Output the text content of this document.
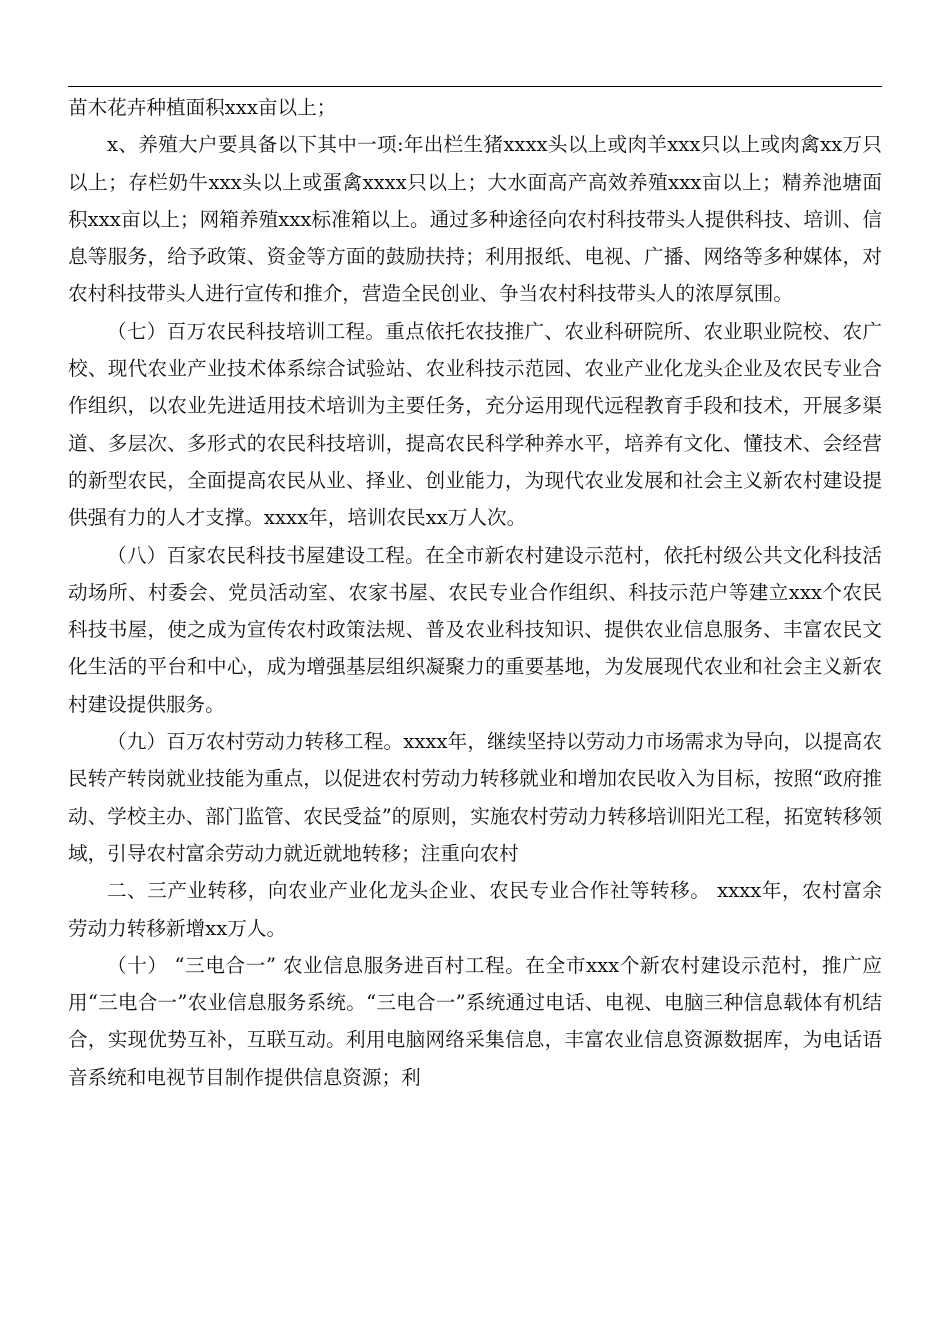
苗木花卉种植面积xxx亩以上；

x、养殖大户要具备以下其中一项:年出栏生猪xxxx头以上或肉羊xxx只以上或肉禽xx万只以上；存栏奶牛xxx头以上或蛋禽xxxx只以上；大水面高产高效养殖xxx亩以上；精养池塘面积xxx亩以上；网箱养殖xxx标准箱以上。通过多种途径向农村科技带头人提供科技、培训、信息等服务，给予政策、资金等方面的鼓励扶持；利用报纸、电视、广播、网络等多种媒体，对农村科技带头人进行宣传和推介，营造全民创业、争当农村科技带头人的浓厚氛围。

（七）百万农民科技培训工程。重点依托农技推广、农业科研院所、农业职业院校、农广校、现代农业产业技术体系综合试验站、农业科技示范园、农业产业化龙头企业及农民专业合作组织，以农业先进适用技术培训为主要任务，充分运用现代远程教育手段和技术，开展多渠道、多层次、多形式的农民科技培训，提高农民科学种养水平，培养有文化、懂技术、会经营的新型农民，全面提高农民从业、择业、创业能力，为现代农业发展和社会主义新农村建设提供强有力的人才支撑。xxxx年，培训农民xx万人次。

（八）百家农民科技书屋建设工程。在全市新农村建设示范村，依托村级公共文化科技活动场所、村委会、党员活动室、农家书屋、农民专业合作组织、科技示范户等建立xxx个农民科技书屋，使之成为宣传农村政策法规、普及农业科技知识、提供农业信息服务、丰富农民文化生活的平台和中心，成为增强基层组织凝聚力的重要基地，为发展现代农业和社会主义新农村建设提供服务。

（九）百万农村劳动力转移工程。xxxx年，继续坚持以劳动力市场需求为导向，以提高农民转产转岗就业技能为重点，以促进农村劳动力转移就业和增加农民收入为目标，按照“政府推动、学校主办、部门监管、农民受益”的原则，实施农村劳动力转移培训阳光工程，拓宽转移领域，引导农村富余劳动力就近就地转移；注重向农村

二、三产业转移，向农业产业化龙头企业、农民专业合作社等转移。 xxxx年，农村富余劳动力转移新增xx万人。

（十） “三电合一” 农业信息服务进百村工程。在全市xxx个新农村建设示范村，推广应用“三电合一”农业信息服务系统。“三电合一”系统通过电话、电视、电脑三种信息载体有机结合，实现优势互补，互联互动。利用电脑网络采集信息，丰富农业信息资源数据库，为电话语音系统和电视节目制作提供信息资源；利
